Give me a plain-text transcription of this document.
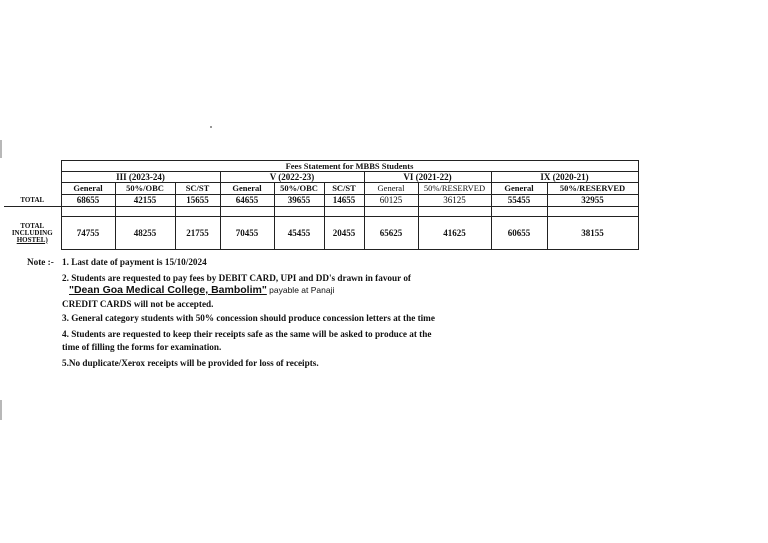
	Fees Statement for MBBS Students									
	III (2023-24)			V (2022-23)			VI (2021-22)		IX (2020-21)	
	General	50%/OBC	SC/ST	General	50%/OBC	SC/ST	General	50%/RESERVED	General	50%/RESERVED
TOTAL	68655	42155	15655	64655	39655	14655	60125	36125	55455	32955

TOTAL
INCLUDING
HOSTEL)	74755	48255	21755	70455	45455	20455	65625	41625	60655	38155
Note :- 1. Last date of payment is 15/10/2024
2. Students are requested to pay fees by DEBIT CARD, UPI and DD's drawn in favour of
"Dean Goa Medical College, Bambolim" payable at Panaji
CREDIT CARDS will not be accepted.
3. General category students with 50% concession should produce concession letters at the time
4. Students are requested to keep their receipts safe as the same will be asked to produce at the
time of filling the forms for examination.
5.No duplicate/Xerox receipts will be provided for loss of receipts.
